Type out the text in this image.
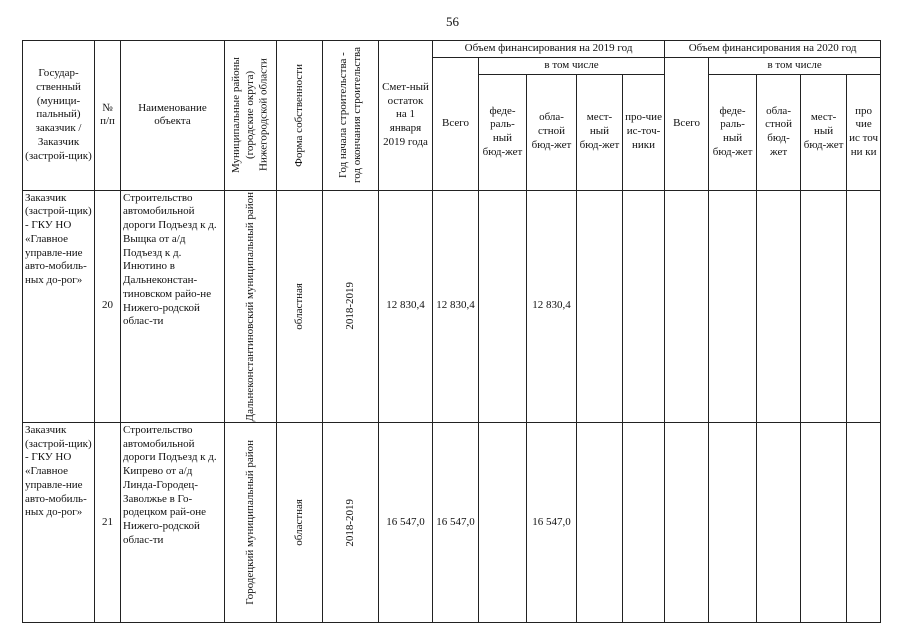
56
Государ-ственный (муници-пальный) заказчик / Заказчик (застрой-щик)	№ п/п	Наименование объекта	Муниципальные районы (городские округа) Нижегородской области	Форма собственности	Год начала строительства - год окончания строительства	Смет-ный остаток на 1 января 2019 года	Объем финансирования на 2019 год					Объем финансирования на 2020 год				
							Всего	в том числе				Всего	в том числе			
								феде-раль-ный бюд-жет	обла-стной бюд-жет	мест-ный бюд-жет	про-чие ис-точ-ники		феде-раль-ный бюд-жет	обла-стной бюд-жет	мест-ный бюд-жет	про чие ис точ ни ки
Заказчик (застрой-щик) - ГКУ НО «Главное управле-ние авто-мобиль-ных до-рог»	20	Строительство автомобильной дороги Подъезд к д. Выщка от а/д Подъезд к д. Инютино в Дальнеконстан-тиновском райо-не Нижего-родской облас-ти	Дальнеконстантиновский муниципальный район	областная	2018-2019	12 830,4	12 830,4		12 830,4							
Заказчик (застрой-щик) - ГКУ НО «Главное управле-ние авто-мобиль-ных до-рог»	21	Строительство автомобильной дороги Подъезд к д. Кипрево от а/д Линда-Городец-Заволжье в Го-родецком рай-оне Нижего-родской облас-ти	Городецкий муниципальный район	областная	2018-2019	16 547,0	16 547,0		16 547,0							
